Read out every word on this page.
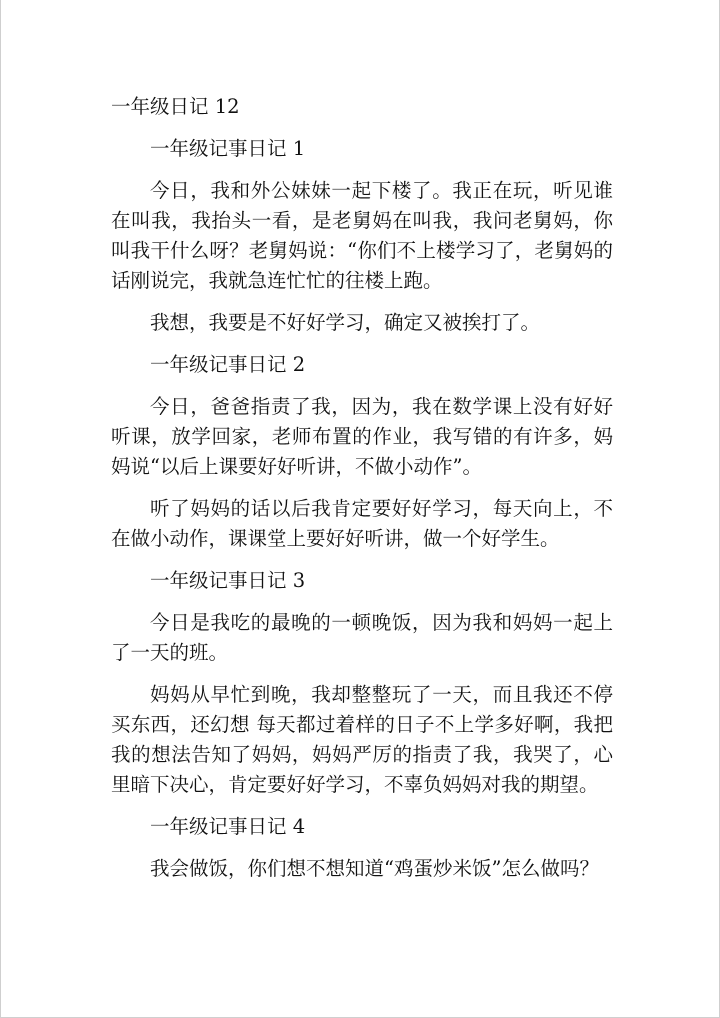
一年级日记 12
一年级记事日记 1

今日，我和外公妹妹一起下楼了。我正在玩，听见谁在叫我，我抬头一看，是老舅妈在叫我，我问老舅妈，你叫我干什么呀？老舅妈说：“你们不上楼学习了，老舅妈的话刚说完，我就急连忙忙的往楼上跑。

我想，我要是不好好学习，确定又被挨打了。

一年级记事日记 2

今日，爸爸指责了我，因为，我在数学课上没有好好听课，放学回家，老师布置的作业，我写错的有许多，妈妈说“以后上课要好好听讲，不做小动作”。

听了妈妈的话以后我肯定要好好学习，每天向上，不在做小动作，课课堂上要好好听讲，做一个好学生。

一年级记事日记 3

今日是我吃的最晚的一顿晚饭，因为我和妈妈一起上了一天的班。

妈妈从早忙到晚，我却整整玩了一天，而且我还不停买东西，还幻想 每天都过着样的日子不上学多好啊，我把我的想法告知了妈妈，妈妈严厉的指责了我，我哭了，心里暗下决心，肯定要好好学习，不辜负妈妈对我的期望。

一年级记事日记 4

我会做饭，你们想不想知道“鸡蛋炒米饭”怎么做吗？
